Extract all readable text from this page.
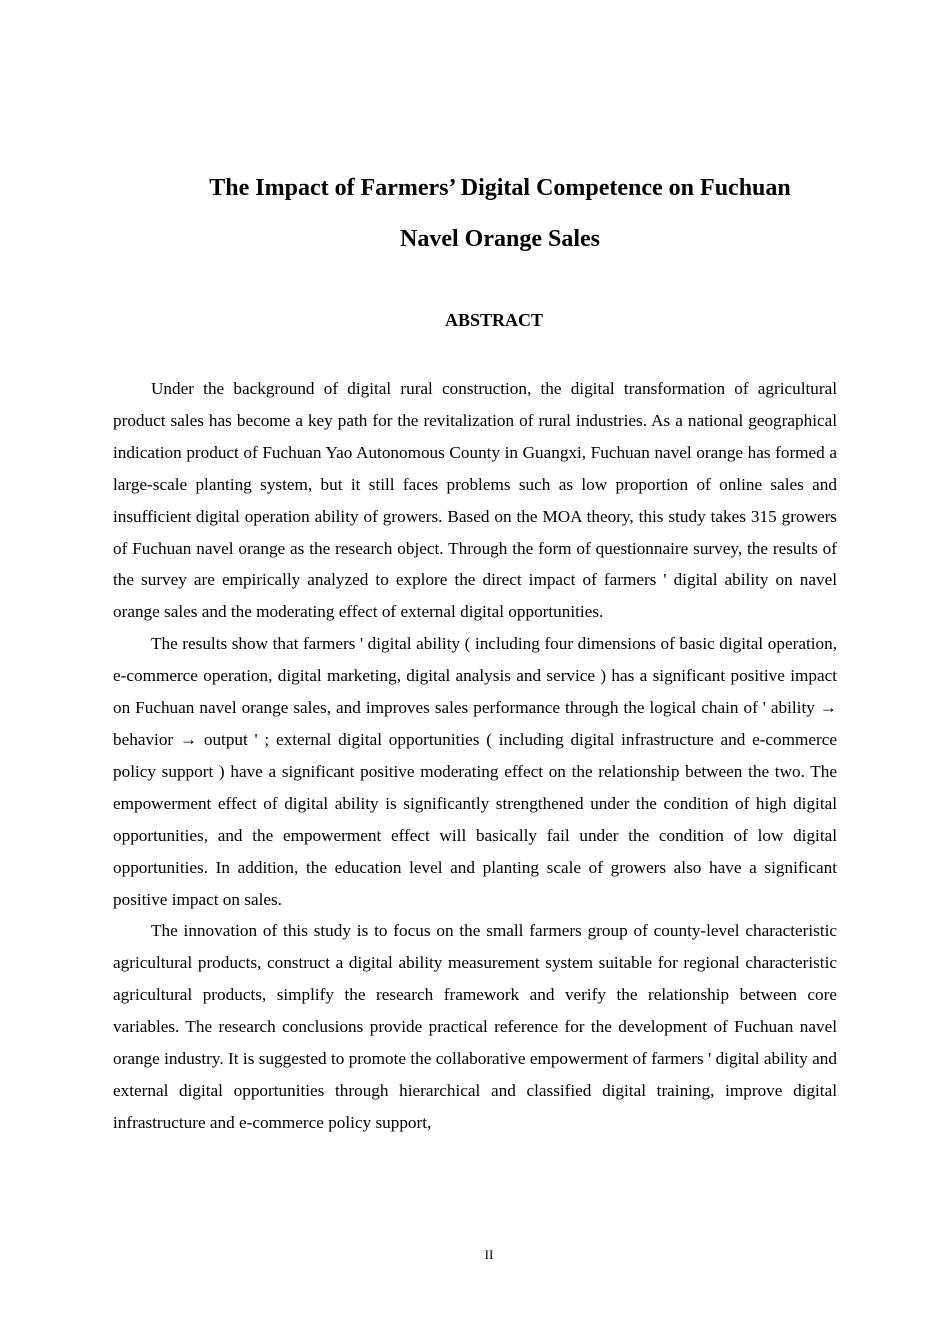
The Impact of Farmers’ Digital Competence on Fuchuan
Navel Orange Sales
ABSTRACT

Under the background of digital rural construction, the digital transformation of agricultural product sales has become a key path for the revitalization of rural industries. As a national geographical indication product of Fuchuan Yao Autonomous County in Guangxi, Fuchuan navel orange has formed a large-scale planting system, but it still faces problems such as low proportion of online sales and insufficient digital operation ability of growers. Based on the MOA theory, this study takes 315 growers of Fuchuan navel orange as the research object. Through the form of questionnaire survey, the results of the survey are empirically analyzed to explore the direct impact of farmers ' digital ability on navel orange sales and the moderating effect of external digital opportunities.

The results show that farmers ' digital ability ( including four dimensions of basic digital operation, e-commerce operation, digital marketing, digital analysis and service ) has a significant positive impact on Fuchuan navel orange sales, and improves sales performance through the logical chain of ' ability → behavior → output ' ; external digital opportunities ( including digital infrastructure and e-commerce policy support ) have a significant positive moderating effect on the relationship between the two. The empowerment effect of digital ability is significantly strengthened under the condition of high digital opportunities, and the empowerment effect will basically fail under the condition of low digital opportunities. In addition, the education level and planting scale of growers also have a significant positive impact on sales.

The innovation of this study is to focus on the small farmers group of county-level characteristic agricultural products, construct a digital ability measurement system suitable for regional characteristic agricultural products, simplify the research framework and verify the relationship between core variables. The research conclusions provide practical reference for the development of Fuchuan navel orange industry. It is suggested to promote the collaborative empowerment of farmers ' digital ability and external digital opportunities through hierarchical and classified digital training, improve digital infrastructure and e-commerce policy support,

II
